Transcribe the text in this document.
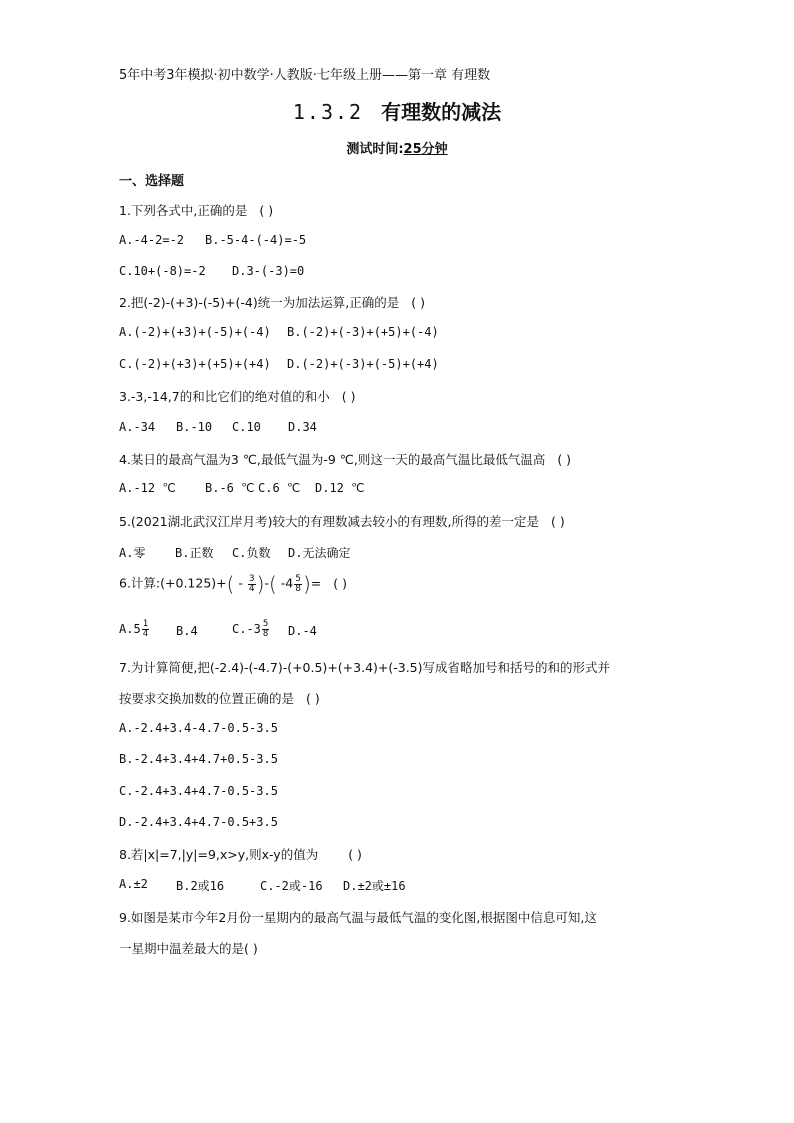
5年中考3年模拟·初中数学·人教版·七年级上册——第一章 有理数
1.3.2 有理数的减法
测试时间:25分钟
一、选择题
1.下列各式中,正确的是 ( )
A.-4-2=-2 B.-5-4-(-4)=-5
C.10+(-8)=-2 D.3-(-3)=0
2.把(-2)-(+3)-(-5)+(-4)统一为加法运算,正确的是 ( )
A.(-2)+(+3)+(-5)+(-4) B.(-2)+(-3)+(+5)+(-4)
C.(-2)+(+3)+(+5)+(+4) D.(-2)+(-3)+(-5)+(+4)
3.-3,-14,7的和比它们的绝对值的和小 ( )
A.-34 B.-10 C.10 D.34
4.某日的最高气温为3 ℃,最低气温为-9 ℃,则这一天的最高气温比最低气温高 ( )
A.-12 ℃ B.-6 ℃ C.6 ℃ D.12 ℃
5.(2021湖北武汉江岸月考)较大的有理数减去较小的有理数,所得的差一定是 ( )
A.零 B.正数 C.负数 D.无法确定
6.计算:(+0.125)+( - $\frac{3}{4}$ )-( $-4 \frac{5}{8}$ )= ( )
$A.5 \frac{1}{4} B.4$	$C.-3 \frac{5}{8} D.-4$
7.为计算简便,把(-2.4)-(-4.7)-(+0.5)+(+3.4)+(-3.5)写成省略加号和括号的和的形式并
按要求交换加数的位置正确的是 ( )
A.-2.4+3.4-4.7-0.5-3.5
B.-2.4+3.4+4.7+0.5-3.5
C.-2.4+3.4+4.7-0.5-3.5
D.-2.4+3.4+4.7-0.5+3.5
8.若|x|=7,|y|=9,x>y,则x-y的值为 ( )
A.±2 B.2或16	C.-2或-16 D.±2或±16
9.如图是某市今年2月份一星期内的最高气温与最低气温的变化图,根据图中信息可知,这
一星期中温差最大的是( )
